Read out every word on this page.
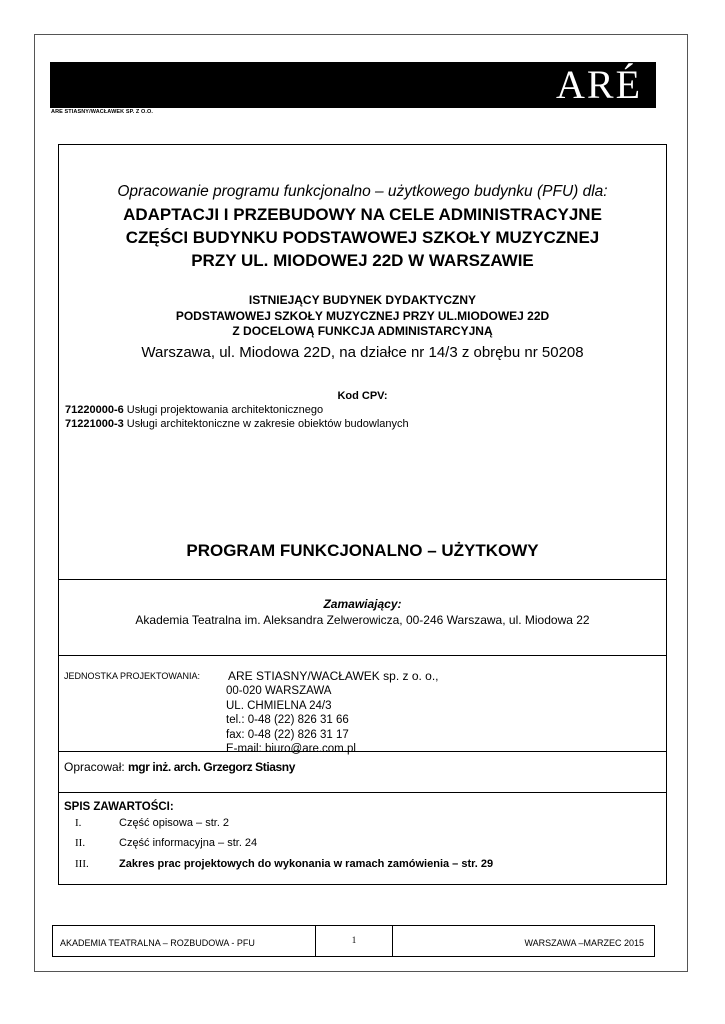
ARÉ
ARE STIASNY/WACŁAWEK SP. Z O.O.
Opracowanie programu funkcjonalno – użytkowego budynku (PFU) dla:
ADAPTACJI I PRZEBUDOWY NA CELE ADMINISTRACYJNE
CZĘŚCI BUDYNKU PODSTAWOWEJ SZKOŁY MUZYCZNEJ
PRZY UL. MIODOWEJ 22D W WARSZAWIE
ISTNIEJĄCY BUDYNEK DYDAKTYCZNY
PODSTAWOWEJ SZKOŁY MUZYCZNEJ PRZY UL.MIODOWEJ 22D
Z DOCELOWĄ FUNKCJA ADMINISTARCYJNĄ
Warszawa, ul. Miodowa 22D, na działce nr 14/3 z obrębu nr 50208
Kod CPV:
71220000-6 Usługi projektowania architektonicznego
71221000-3 Usługi architektoniczne w zakresie obiektów budowlanych
PROGRAM FUNKCJONALNO – UŻYTKOWY
Zamawiający:
Akademia Teatralna im. Aleksandra Zelwerowicza, 00-246 Warszawa, ul. Miodowa 22
JEDNOSTKA PROJEKTOWANIA: ARE STIASNY/WACŁAWEK sp. z o. o.,
00-020 WARSZAWA
UL. CHMIELNA 24/3
tel.: 0-48 (22) 826 31 66
fax: 0-48 (22) 826 31 17
E-mail: biuro@are.com.pl
Opracował: mgr inż. arch. Grzegorz Stiasny
SPIS ZAWARTOŚCI:
I.	Część opisowa – str. 2
II.	Część informacyjna – str. 24
III.	Zakres prac projektowych do wykonania w ramach zamówienia – str. 29
AKADEMIA TEATRALNA – ROZBUDOWA - PFU	1	WARSZAWA –MARZEC 2015
